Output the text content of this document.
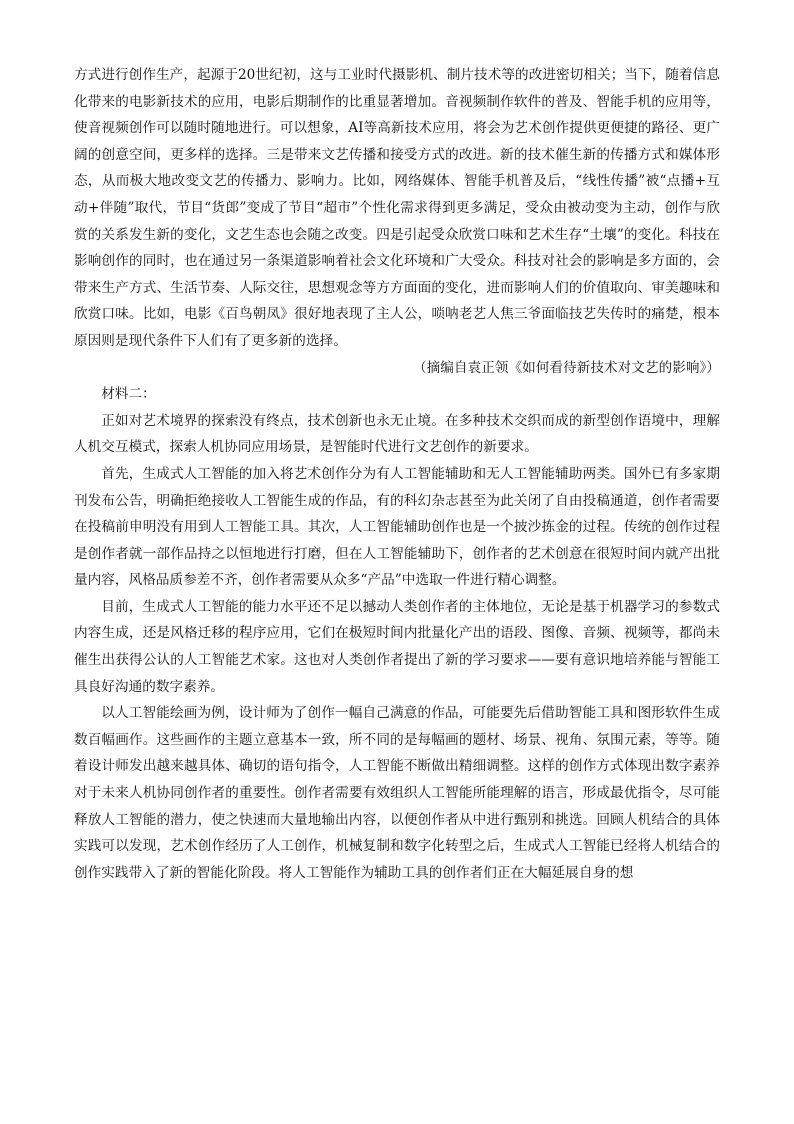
方式进行创作生产，起源于20世纪初，这与工业时代摄影机、制片技术等的改进密切相关；当下，随着信息化带来的电影新技术的应用，电影后期制作的比重显著增加。音视频制作软件的普及、智能手机的应用等，使音视频创作可以随时随地进行。可以想象，AI等高新技术应用，将会为艺术创作提供更便捷的路径、更广阔的创意空间，更多样的选择。三是带来文艺传播和接受方式的改进。新的技术催生新的传播方式和媒体形态，从而极大地改变文艺的传播力、影响力。比如，网络媒体、智能手机普及后，“线性传播”被“点播+互动+伴随”取代，节目“货郎”变成了节目“超市”个性化需求得到更多满足，受众由被动变为主动，创作与欣赏的关系发生新的变化，文艺生态也会随之改变。四是引起受众欣赏口味和艺术生存“土壤”的变化。科技在影响创作的同时，也在通过另一条渠道影响着社会文化环境和广大受众。科技对社会的影响是多方面的，会带来生产方式、生活节奏、人际交往，思想观念等方方面面的变化，进而影响人们的价值取向、审美趣味和欣赏口味。比如，电影《百鸟朝凤》很好地表现了主人公，唢呐老艺人焦三爷面临技艺失传时的痛楚，根本原因则是现代条件下人们有了更多新的选择。

（摘编自袁正领《如何看待新技术对文艺的影响》）

材料二：

正如对艺术境界的探索没有终点，技术创新也永无止境。在多种技术交织而成的新型创作语境中，理解人机交互模式，探索人机协同应用场景，是智能时代进行文艺创作的新要求。

首先，生成式人工智能的加入将艺术创作分为有人工智能辅助和无人工智能辅助两类。国外已有多家期刊发布公告，明确拒绝接收人工智能生成的作品，有的科幻杂志甚至为此关闭了自由投稿通道，创作者需要在投稿前申明没有用到人工智能工具。其次，人工智能辅助创作也是一个披沙拣金的过程。传统的创作过程是创作者就一部作品持之以恒地进行打磨，但在人工智能辅助下，创作者的艺术创意在很短时间内就产出批量内容，风格品质参差不齐，创作者需要从众多“产品”中选取一件进行精心调整。

目前，生成式人工智能的能力水平还不足以撼动人类创作者的主体地位，无论是基于机器学习的参数式内容生成，还是风格迁移的程序应用，它们在极短时间内批量化产出的语段、图像、音频、视频等，都尚未催生出获得公认的人工智能艺术家。这也对人类创作者提出了新的学习要求——要有意识地培养能与智能工具良好沟通的数字素养。

以人工智能绘画为例，设计师为了创作一幅自己满意的作品，可能要先后借助智能工具和图形软件生成数百幅画作。这些画作的主题立意基本一致，所不同的是每幅画的题材、场景、视角、氛围元素，等等。随着设计师发出越来越具体、确切的语句指令，人工智能不断做出精细调整。这样的创作方式体现出数字素养对于未来人机协同创作者的重要性。创作者需要有效组织人工智能所能理解的语言，形成最优指令，尽可能释放人工智能的潜力，使之快速而大量地输出内容，以便创作者从中进行甄别和挑选。回顾人机结合的具体实践可以发现，艺术创作经历了人工创作，机械复制和数字化转型之后，生成式人工智能已经将人机结合的创作实践带入了新的智能化阶段。将人工智能作为辅助工具的创作者们正在大幅延展自身的想
